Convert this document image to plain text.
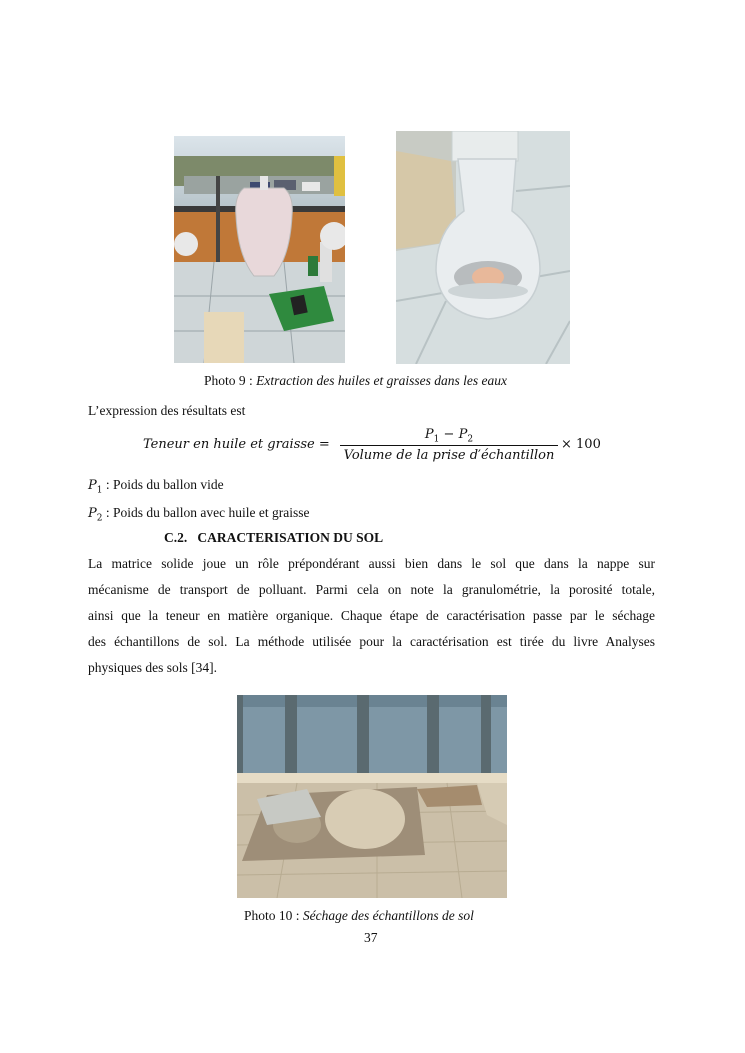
Photo 9 : Extraction des huiles et graisses dans les eaux
L’expression des résultats est
Teneur en huile et graisse =
$P_1 - P_2$
Volume de la prise d′échantillon
× 100
$P_1$ : Poids du ballon vide
$P_2$ : Poids du ballon avec huile et graisse
C.2. CARACTERISATION DU SOL
La matrice solide joue un rôle prépondérant aussi bien dans le sol que dans la nappe sur
mécanisme de transport de polluant. Parmi cela on note la granulométrie, la porosité totale,
ainsi que la teneur en matière organique. Chaque étape de caractérisation passe par le séchage
des échantillons de sol. La méthode utilisée pour la caractérisation est tirée du livre Analyses
physiques des sols [34].
Photo 10 : Séchage des échantillons de sol
37
